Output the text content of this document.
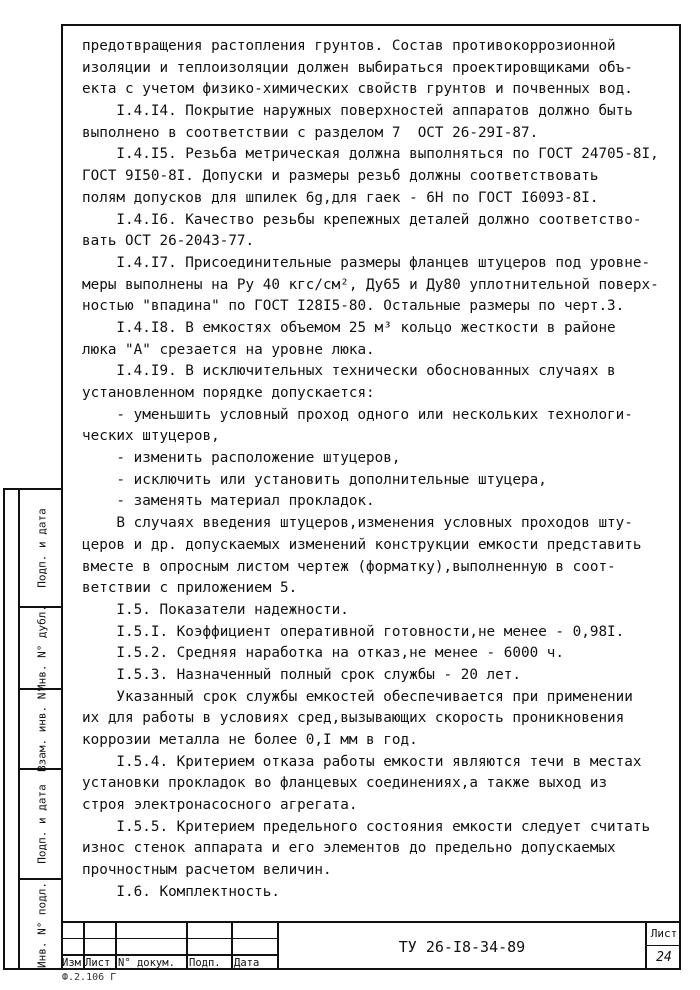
Подп. и дата
Инв. N° дубл.
Взам. инв. N°
Подп. и дата
Инв. N° подл.
предотвращения растопления грунтов. Состав противокоррозионной
изоляции и теплоизоляции должен выбираться проектировщиками объ-
екта с учетом физико-химических свойств грунтов и почвенных вод.
I.4.I4. Покрытие наружных поверхностей аппаратов должно быть
выполнено в соответствии с разделом 7  ОСТ 26-29I-87.
I.4.I5. Резьба метрическая должна выполняться по ГОСТ 24705-8I,
ГОСТ 9I50-8I. Допуски и размеры резьб должны соответствовать
полям допусков для шпилек 6g,для гаек - 6Н по ГОСТ I6093-8I.
I.4.I6. Качество резьбы крепежных деталей должно соответство-
вать ОСТ 26-2043-77.
I.4.I7. Присоединительные размеры фланцев штуцеров под уровне-
меры выполнены на Ру 40 кгс/см², Ду65 и Ду80 уплотнительной поверх-
ностью "впадина" по ГОСТ I28I5-80. Остальные размеры по черт.3.
I.4.I8. В емкостях объемом 25 м³ кольцо жесткости в районе
люка "А" срезается на уровне люка.
I.4.I9. В исключительных технически обоснованных случаях в
установленном порядке допускается:
- уменьшить условный проход одного или нескольких технологи-
ческих штуцеров,
- изменить расположение штуцеров,
- исключить или установить дополнительные штуцера,
- заменять материал прокладок.
В случаях введения штуцеров,изменения условных проходов шту-
церов и др. допускаемых изменений конструкции емкости представить
вместе в опросным листом чертеж (форматку),выполненную в соот-
ветствии с приложением 5.
I.5. Показатели надежности.
I.5.I. Коэффициент оперативной готовности,не менее - 0,98I.
I.5.2. Средняя наработка на отказ,не менее - 6000 ч.
I.5.3. Назначенный полный срок службы - 20 лет.
Указанный срок службы емкостей обеспечивается при применении
их для работы в условиях сред,вызывающих скорость проникновения
коррозии металла не более 0,I мм в год.
I.5.4. Критерием отказа работы емкости являются течи в местах
установки прокладок во фланцевых соединениях,а также выход из
строя электронасосного агрегата.
I.5.5. Критерием предельного состояния емкости следует считать
износ стенок аппарата и его элементов до предельно допускаемых
прочностным расчетом величин.
I.6. Комплектность.
Изм Лист N° докум. Подп. Дата
ТУ 26-I8-34-89
Лист
24
Ф.2.106 Г
